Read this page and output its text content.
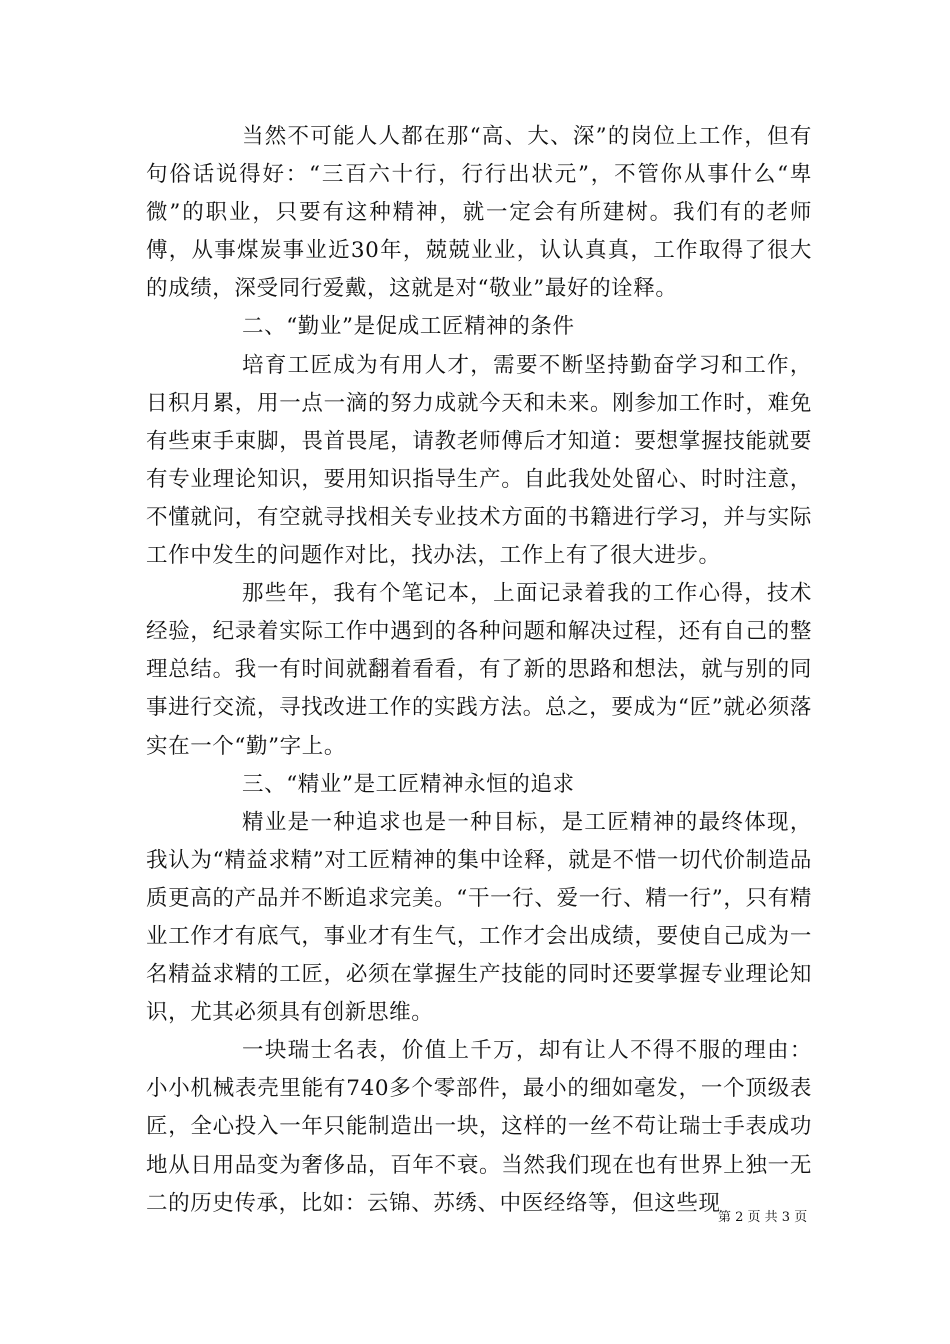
当然不可能人人都在那“高、大、深”的岗位上工作，但有句俗话说得好：“三百六十行，行行出状元”，不管你从事什么“卑微”的职业，只要有这种精神，就一定会有所建树。我们有的老师傅，从事煤炭事业近30年，兢兢业业，认认真真，工作取得了很大的成绩，深受同行爱戴，这就是对“敬业”最好的诠释。

二、“勤业”是促成工匠精神的条件

培育工匠成为有用人才，需要不断坚持勤奋学习和工作，日积月累，用一点一滴的努力成就今天和未来。刚参加工作时，难免有些束手束脚，畏首畏尾，请教老师傅后才知道：要想掌握技能就要有专业理论知识，要用知识指导生产。自此我处处留心、时时注意，不懂就问，有空就寻找相关专业技术方面的书籍进行学习，并与实际工作中发生的问题作对比，找办法，工作上有了很大进步。

那些年，我有个笔记本，上面记录着我的工作心得，技术经验，纪录着实际工作中遇到的各种问题和解决过程，还有自己的整理总结。我一有时间就翻着看看，有了新的思路和想法，就与别的同事进行交流，寻找改进工作的实践方法。总之，要成为“匠”就必须落实在一个“勤”字上。

三、“精业”是工匠精神永恒的追求

精业是一种追求也是一种目标，是工匠精神的最终体现，我认为“精益求精”对工匠精神的集中诠释，就是不惜一切代价制造品质更高的产品并不断追求完美。“干一行、爱一行、精一行”，只有精业工作才有底气，事业才有生气，工作才会出成绩，要使自己成为一名精益求精的工匠，必须在掌握生产技能的同时还要掌握专业理论知识，尤其必须具有创新思维。

一块瑞士名表，价值上千万，却有让人不得不服的理由：小小机械表壳里能有740多个零部件，最小的细如毫发，一个顶级表匠，全心投入一年只能制造出一块，这样的一丝不苟让瑞士手表成功地从日用品变为奢侈品，百年不衰。当然我们现在也有世界上独一无二的历史传承，比如：云锦、苏绣、中医经络等，但这些现

第 2 页 共 3 页
